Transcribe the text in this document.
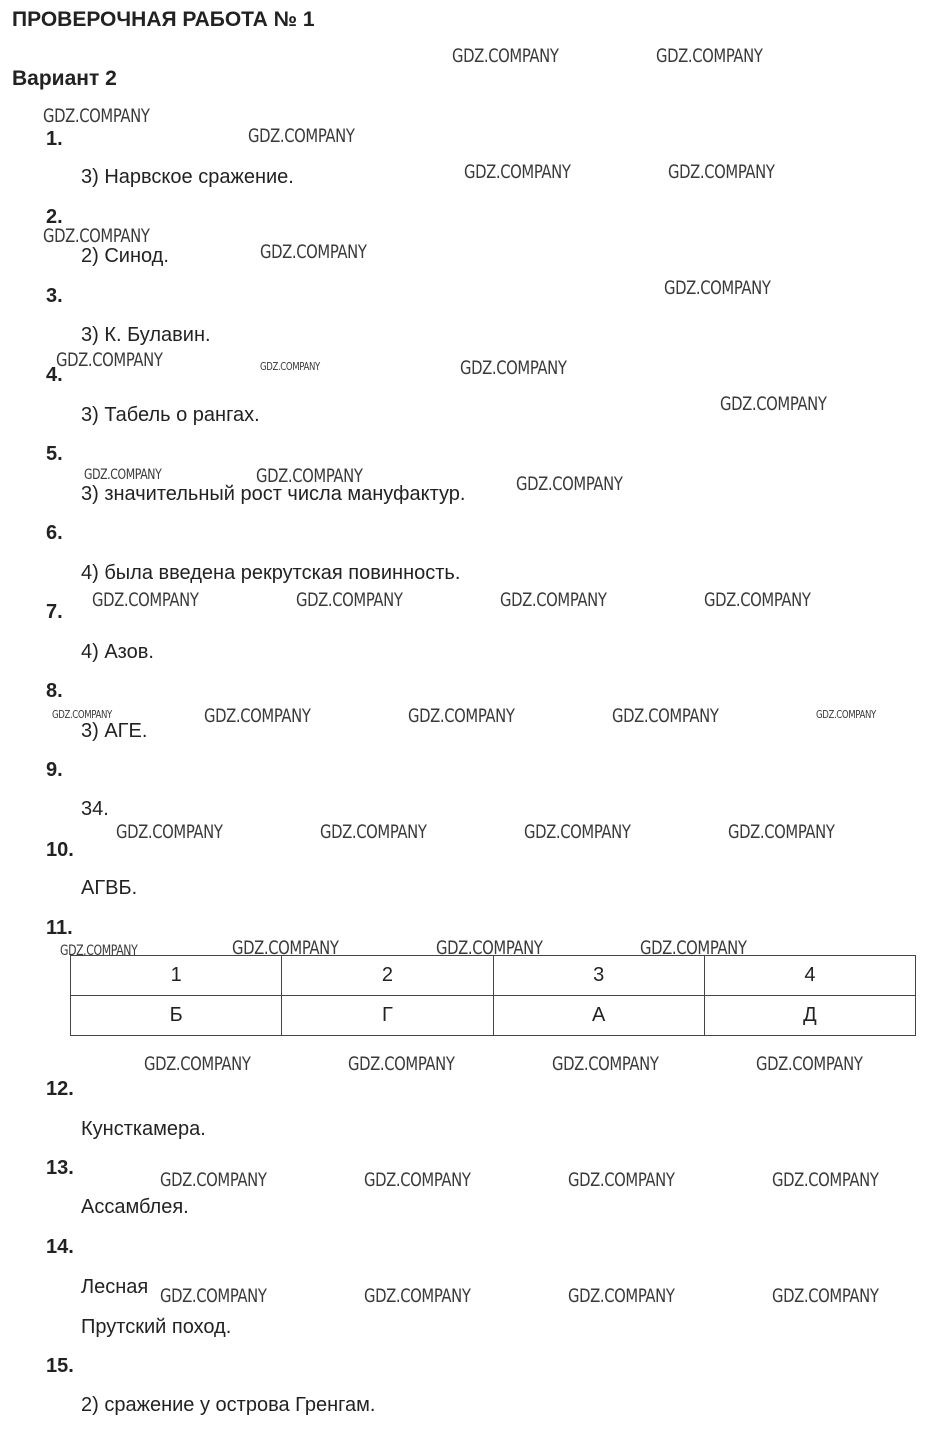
ПРОВЕРОЧНАЯ РАБОТА № 1
Вариант 2
1.
3) Нарвское сражение.
2.
2) Синод.
3.
3) К. Булавин.
4.
3) Табель о рангах.
5.
3) значительный рост числа мануфактур.
6.
4) была введена рекрутская повинность.
7.
4) Азов.
8.
3) АГЕ.
9.
34.
10.
АГВБ.
11.
1	2	3	4
Б	Г	А	Д
12.
Кунсткамера.
13.
Ассамблея.
14.
Лесная
Прутский поход.
15.
2) сражение у острова Гренгам.
GDZ.COMPANY	GDZ.COMPANY
GDZ.COMPANY
GDZ.COMPANY
GDZ.COMPANY	GDZ.COMPANY
GDZ.COMPANY
GDZ.COMPANY
GDZ.COMPANY
GDZ.COMPANY	GDZ.COMPANY	GDZ.COMPANY
GDZ.COMPANY
GDZ.COMPANY	GDZ.COMPANY	GDZ.COMPANY
GDZ.COMPANY	GDZ.COMPANY	GDZ.COMPANY	GDZ.COMPANY
GDZ.COMPANY	GDZ.COMPANY	GDZ.COMPANY	GDZ.COMPANY	GDZ.COMPANY
GDZ.COMPANY	GDZ.COMPANY	GDZ.COMPANY	GDZ.COMPANY
GDZ.COMPANY	GDZ.COMPANY	GDZ.COMPANY	GDZ.COMPANY
GDZ.COMPANY	GDZ.COMPANY	GDZ.COMPANY	GDZ.COMPANY
GDZ.COMPANY	GDZ.COMPANY	GDZ.COMPANY	GDZ.COMPANY
GDZ.COMPANY	GDZ.COMPANY	GDZ.COMPANY	GDZ.COMPANY
